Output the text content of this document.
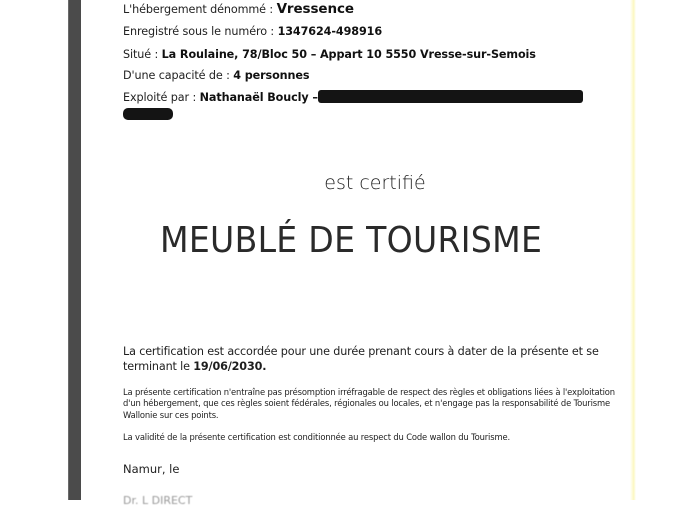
L'hébergement dénommé : Vressence
Enregistré sous le numéro : 1347624-498916
Situé : La Roulaine, 78/Bloc 50 – Appart 10 5550 Vresse-sur-Semois
D'une capacité de : 4 personnes
Exploité par : Nathanaël Boucly –
est certifié
MEUBLÉ DE TOURISME
La certification est accordée pour une durée prenant cours à dater de la présente et se terminant le 19/06/2030.
La présente certification n'entraîne pas présomption irréfragable de respect des règles et obligations liées à l'exploitation d'un hébergement, que ces règles soient fédérales, régionales ou locales, et n'engage pas la responsabilité de Tourisme Wallonie sur ces points.
La validité de la présente certification est conditionnée au respect du Code wallon du Tourisme.
Namur, le
Dr. L DIRECT
